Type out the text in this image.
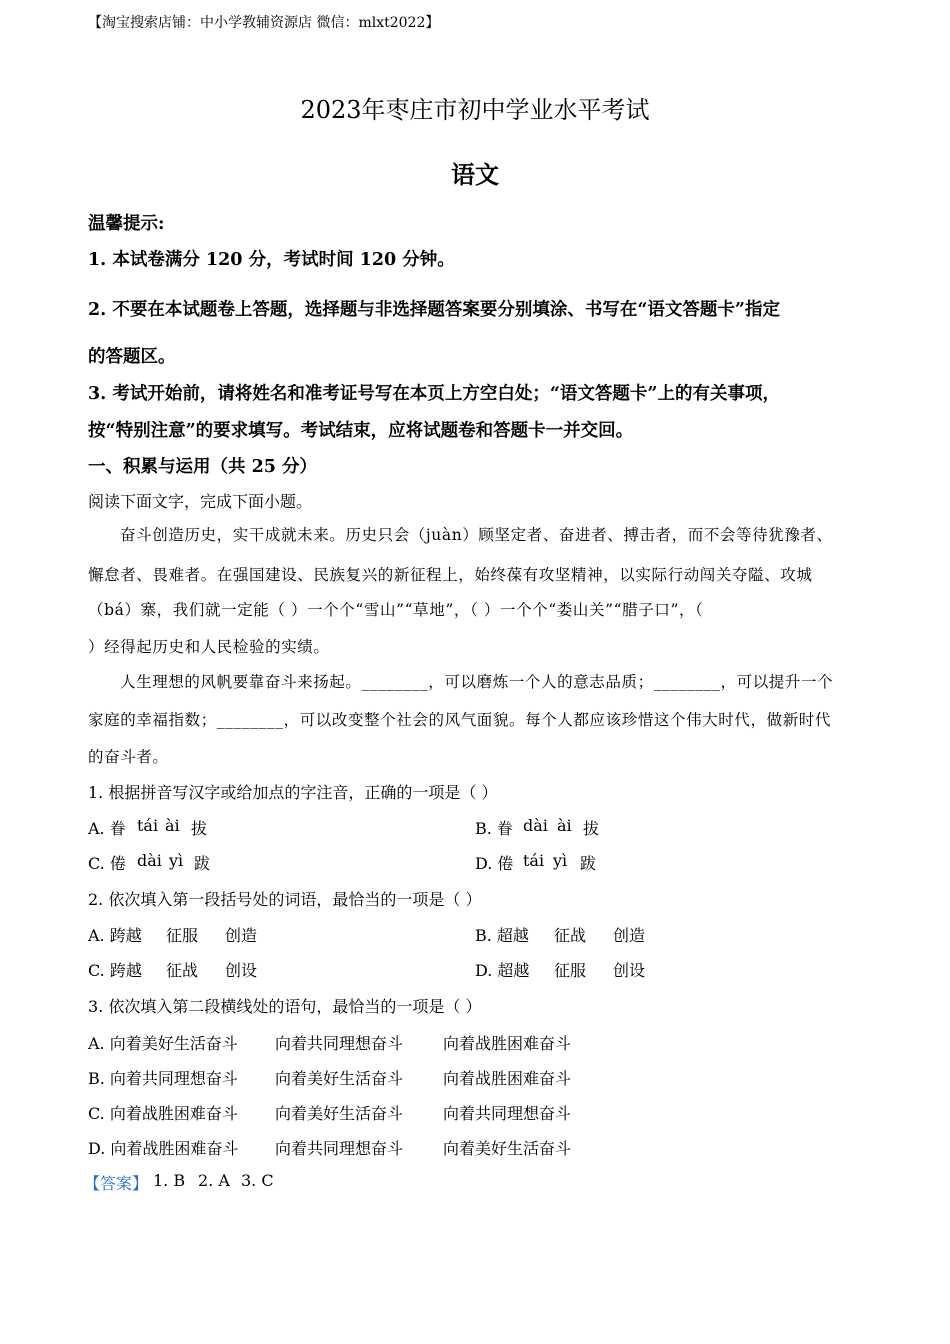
【淘宝搜索店铺：中小学教辅资源店 微信：mlxt2022】
2023年枣庄市初中学业水平考试
语文
温馨提示:
1. 本试卷满分 120 分，考试时间 120 分钟。
2. 不要在本试题卷上答题，选择题与非选择题答案要分别填涂、书写在“语文答题卡”指定
的答题区。
3. 考试开始前，请将姓名和准考证号写在本页上方空白处；“语文答题卡”上的有关事项，
按“特别注意”的要求填写。考试结束，应将试题卷和答题卡一并交回。
一、积累与运用（共 25 分）
阅读下面文字，完成下面小题。
奋斗创造历史，实干成就未来。历史只会（juàn）顾坚定者、奋进者、搏击者，而不会等待犹豫者、
懈怠者、畏难者。在强国建设、民族复兴的新征程上，始终葆有攻坚精神，以实际行动闯关夺隘、攻城
（bá）寨，我们就一定能（ ）一个个“雪山”“草地”，（ ）一个个“娄山关”“腊子口”，（
）经得起历史和人民检验的实绩。
人生理想的风帆要靠奋斗来扬起。________，可以磨炼一个人的意志品质；________，可以提升一个
家庭的幸福指数；________，可以改变整个社会的风气面貌。每个人都应该珍惜这个伟大时代，做新时代
的奋斗者。
1. 根据拼音写汉字或给加点的字注音，正确的一项是（ ）
A. 眷 tái ài 拔	B. 眷 dài ài 拔
C. 倦 dài yì 跋	D. 倦 tái yì 跋
2. 依次填入第一段括号处的词语，最恰当的一项是（ ）
A. 跨越 征服 创造	B. 超越 征战 创造
C. 跨越 征战 创设	D. 超越 征服 创设
3. 依次填入第二段横线处的语句，最恰当的一项是（ ）
A. 向着美好生活奋斗 向着共同理想奋斗 向着战胜困难奋斗
B. 向着共同理想奋斗 向着美好生活奋斗 向着战胜困难奋斗
C. 向着战胜困难奋斗 向着美好生活奋斗 向着共同理想奋斗
D. 向着战胜困难奋斗 向着共同理想奋斗 向着美好生活奋斗
【答案】 1. B 2. A 3. C
